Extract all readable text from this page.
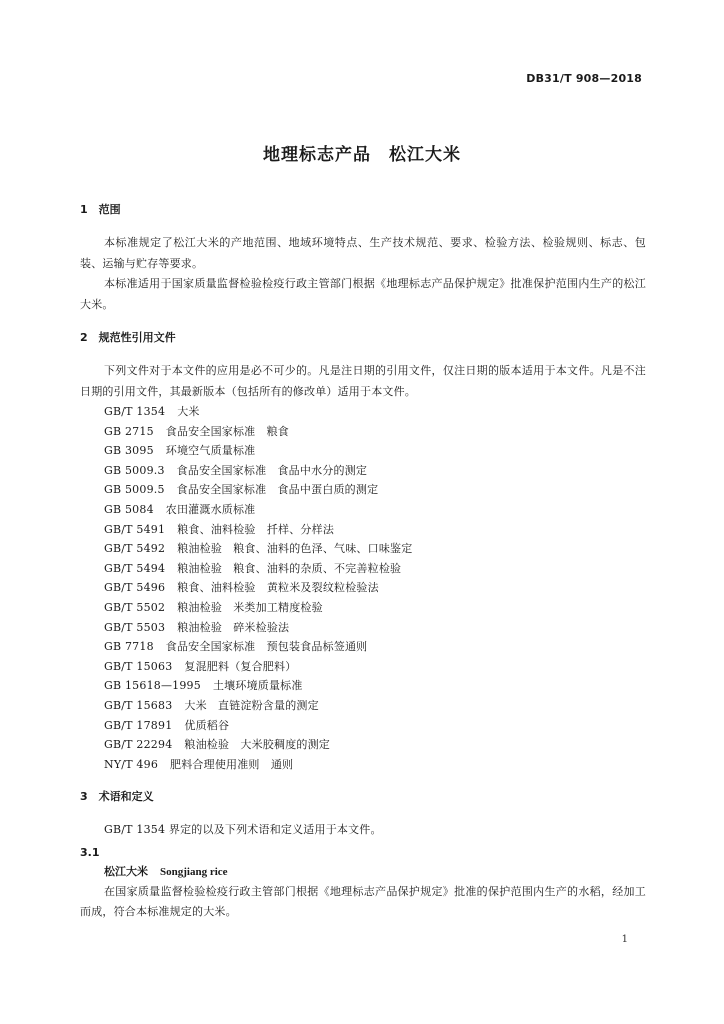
DB31/T 908—2018
地理标志产品　松江大米
1　 范围

本标准规定了松江大米的产地范围、地域环境特点、生产技术规范、要求、检验方法、检验规则、标志、包装、运输与贮存等要求。

本标准适用于国家质量监督检验检疫行政主管部门根据《地理标志产品保护规定》批准保护范围内生产的松江大米。

2　 规范性引用文件

下列文件对于本文件的应用是必不可少的。凡是注日期的引用文件，仅注日期的版本适用于本文件。凡是不注日期的引用文件，其最新版本（包括所有的修改单）适用于本文件。

GB/T 1354 大米
GB 2715 食品安全国家标准　粮食
GB 3095 环境空气质量标准
GB 5009.3 食品安全国家标准　食品中水分的测定
GB 5009.5 食品安全国家标准　食品中蛋白质的测定
GB 5084 农田灌溉水质标准
GB/T 5491 粮食、油料检验　扦样、分样法
GB/T 5492 粮油检验　粮食、油料的色泽、气味、口味鉴定
GB/T 5494 粮油检验　粮食、油料的杂质、不完善粒检验
GB/T 5496 粮食、油料检验　黄粒米及裂纹粒检验法
GB/T 5502 粮油检验　米类加工精度检验
GB/T 5503 粮油检验　碎米检验法
GB 7718 食品安全国家标准　预包装食品标签通则
GB/T 15063 复混肥料（复合肥料）
GB 15618—1995 土壤环境质量标准
GB/T 15683 大米　直链淀粉含量的测定
GB/T 17891 优质稻谷
GB/T 22294 粮油检验　大米胶稠度的测定
NY/T 496 肥料合理使用准则　通则
3　 术语和定义

GB/T 1354 界定的以及下列术语和定义适用于本文件。

3.1
松江大米 Songjiang rice

在国家质量监督检验检疫行政主管部门根据《地理标志产品保护规定》批准的保护范围内生产的水稻，经加工而成，符合本标准规定的大米。

1
